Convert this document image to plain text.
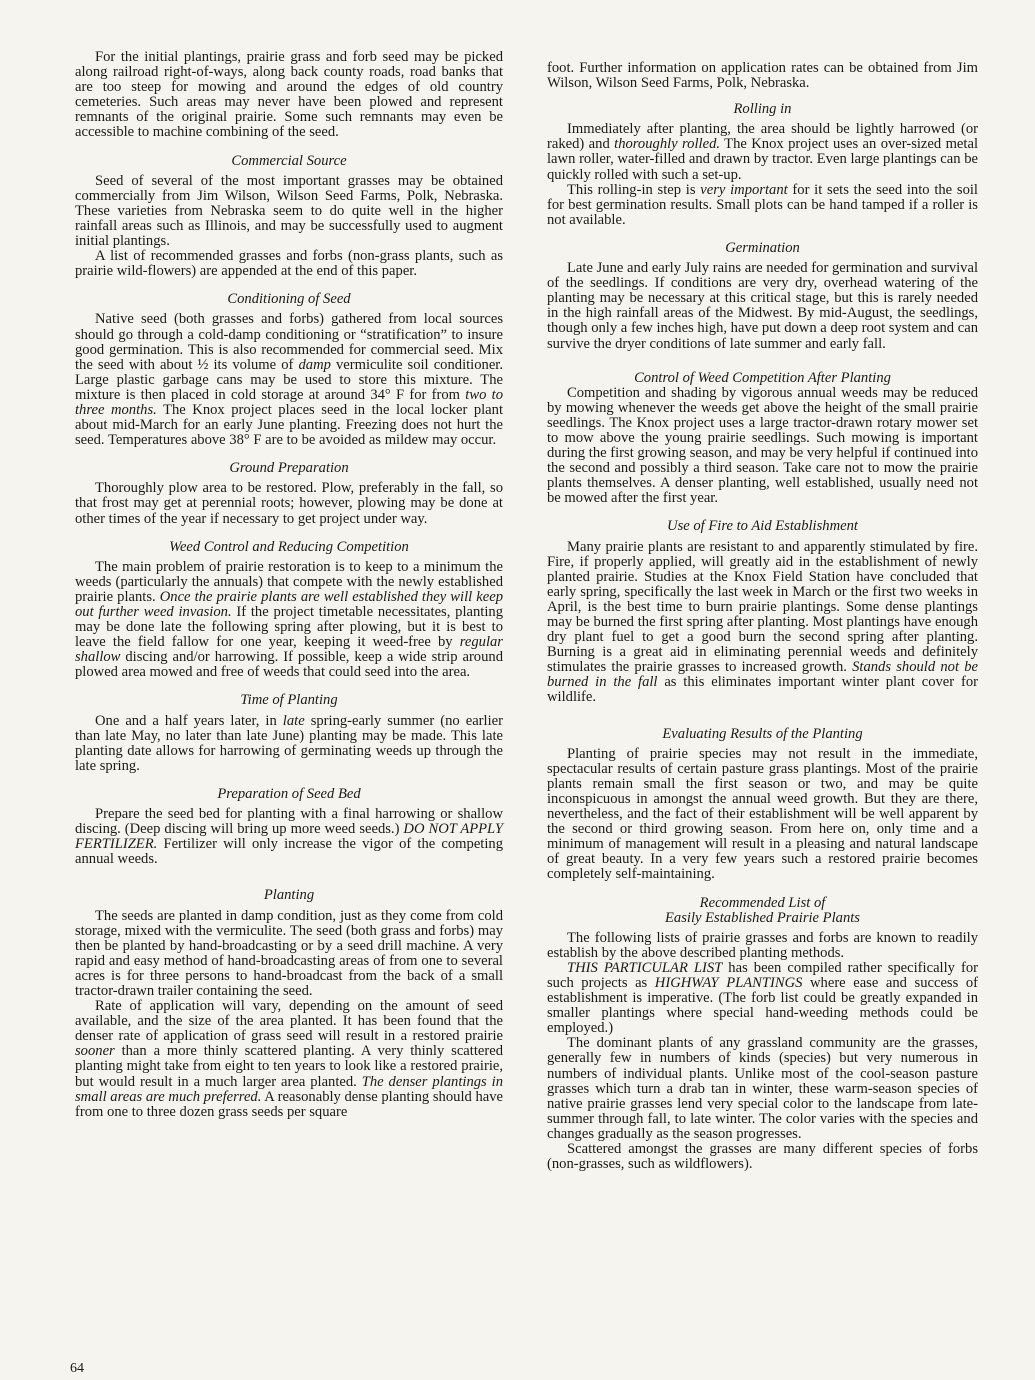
For the initial plantings, prairie grass and forb seed may be picked along railroad right-of-ways, along back county roads, road banks that are too steep for mowing and around the edges of old country cemeteries. Such areas may never have been plowed and represent remnants of the original prairie. Some such remnants may even be accessible to machine combining of the seed.

Commercial Source

Seed of several of the most important grasses may be obtained commercially from Jim Wilson, Wilson Seed Farms, Polk, Nebraska. These varieties from Nebraska seem to do quite well in the higher rainfall areas such as Illinois, and may be successfully used to augment initial plantings.

A list of recommended grasses and forbs (non-grass plants, such as prairie wild-flowers) are appended at the end of this paper.

Conditioning of Seed

Native seed (both grasses and forbs) gathered from local sources should go through a cold-damp conditioning or “stratification” to insure good germination. This is also recommended for commercial seed. Mix the seed with about ½ its volume of damp vermiculite soil conditioner. Large plastic garbage cans may be used to store this mixture. The mixture is then placed in cold storage at around 34° F for from two to three months. The Knox project places seed in the local locker plant about mid-March for an early June planting. Freezing does not hurt the seed. Temperatures above 38° F are to be avoided as mildew may occur.

Ground Preparation

Thoroughly plow area to be restored. Plow, preferably in the fall, so that frost may get at perennial roots; however, plowing may be done at other times of the year if necessary to get project under way.

Weed Control and Reducing Competition

The main problem of prairie restoration is to keep to a minimum the weeds (particularly the annuals) that compete with the newly established prairie plants. Once the prairie plants are well established they will keep out further weed invasion. If the project timetable necessitates, planting may be done late the following spring after plowing, but it is best to leave the field fallow for one year, keeping it weed-free by regular shallow discing and/or harrowing. If possible, keep a wide strip around plowed area mowed and free of weeds that could seed into the area.

Time of Planting

One and a half years later, in late spring-early summer (no earlier than late May, no later than late June) planting may be made. This late planting date allows for harrowing of germinating weeds up through the late spring.

Preparation of Seed Bed

Prepare the seed bed for planting with a final harrowing or shallow discing. (Deep discing will bring up more weed seeds.) DO NOT APPLY FERTILIZER. Fertilizer will only increase the vigor of the competing annual weeds.

Planting

The seeds are planted in damp condition, just as they come from cold storage, mixed with the vermiculite. The seed (both grass and forbs) may then be planted by hand-broadcasting or by a seed drill machine. A very rapid and easy method of hand-broadcasting areas of from one to several acres is for three persons to hand-broadcast from the back of a small tractor-drawn trailer containing the seed.

Rate of application will vary, depending on the amount of seed available, and the size of the area planted. It has been found that the denser rate of application of grass seed will result in a restored prairie sooner than a more thinly scattered planting. A very thinly scattered planting might take from eight to ten years to look like a restored prairie, but would result in a much larger area planted. The denser plantings in small areas are much preferred. A reasonably dense planting should have from one to three dozen grass seeds per square

foot. Further information on application rates can be obtained from Jim Wilson, Wilson Seed Farms, Polk, Nebraska.

Rolling in

Immediately after planting, the area should be lightly harrowed (or raked) and thoroughly rolled. The Knox project uses an over-sized metal lawn roller, water-filled and drawn by tractor. Even large plantings can be quickly rolled with such a set-up.

This rolling-in step is very important for it sets the seed into the soil for best germination results. Small plots can be hand tamped if a roller is not available.

Germination

Late June and early July rains are needed for germination and survival of the seedlings. If conditions are very dry, overhead watering of the planting may be necessary at this critical stage, but this is rarely needed in the high rainfall areas of the Midwest. By mid-August, the seedlings, though only a few inches high, have put down a deep root system and can survive the dryer conditions of late summer and early fall.

Control of Weed Competition After Planting

Competition and shading by vigorous annual weeds may be reduced by mowing whenever the weeds get above the height of the small prairie seedlings. The Knox project uses a large tractor-drawn rotary mower set to mow above the young prairie seedlings. Such mowing is important during the first growing season, and may be very helpful if continued into the second and possibly a third season. Take care not to mow the prairie plants themselves. A denser planting, well established, usually need not be mowed after the first year.

Use of Fire to Aid Establishment

Many prairie plants are resistant to and apparently stimulated by fire. Fire, if properly applied, will greatly aid in the establishment of newly planted prairie. Studies at the Knox Field Station have concluded that early spring, specifically the last week in March or the first two weeks in April, is the best time to burn prairie plantings. Some dense plantings may be burned the first spring after planting. Most plantings have enough dry plant fuel to get a good burn the second spring after planting. Burning is a great aid in eliminating perennial weeds and definitely stimulates the prairie grasses to increased growth. Stands should not be burned in the fall as this eliminates important winter plant cover for wildlife.

Evaluating Results of the Planting

Planting of prairie species may not result in the immediate, spectacular results of certain pasture grass plantings. Most of the prairie plants remain small the first season or two, and may be quite inconspicuous in amongst the annual weed growth. But they are there, nevertheless, and the fact of their establishment will be well apparent by the second or third growing season. From here on, only time and a minimum of management will result in a pleasing and natural landscape of great beauty. In a very few years such a restored prairie becomes completely self-maintaining.

Recommended List of
Easily Established Prairie Plants

The following lists of prairie grasses and forbs are known to readily establish by the above described planting methods.

THIS PARTICULAR LIST has been compiled rather specifically for such projects as HIGHWAY PLANTINGS where ease and success of establishment is imperative. (The forb list could be greatly expanded in smaller plantings where special hand-weeding methods could be employed.)

The dominant plants of any grassland community are the grasses, generally few in numbers of kinds (species) but very numerous in numbers of individual plants. Unlike most of the cool-season pasture grasses which turn a drab tan in winter, these warm-season species of native prairie grasses lend very special color to the landscape from late-summer through fall, to late winter. The color varies with the species and changes gradually as the season progresses.

Scattered amongst the grasses are many different species of forbs (non-grasses, such as wildflowers).

64
